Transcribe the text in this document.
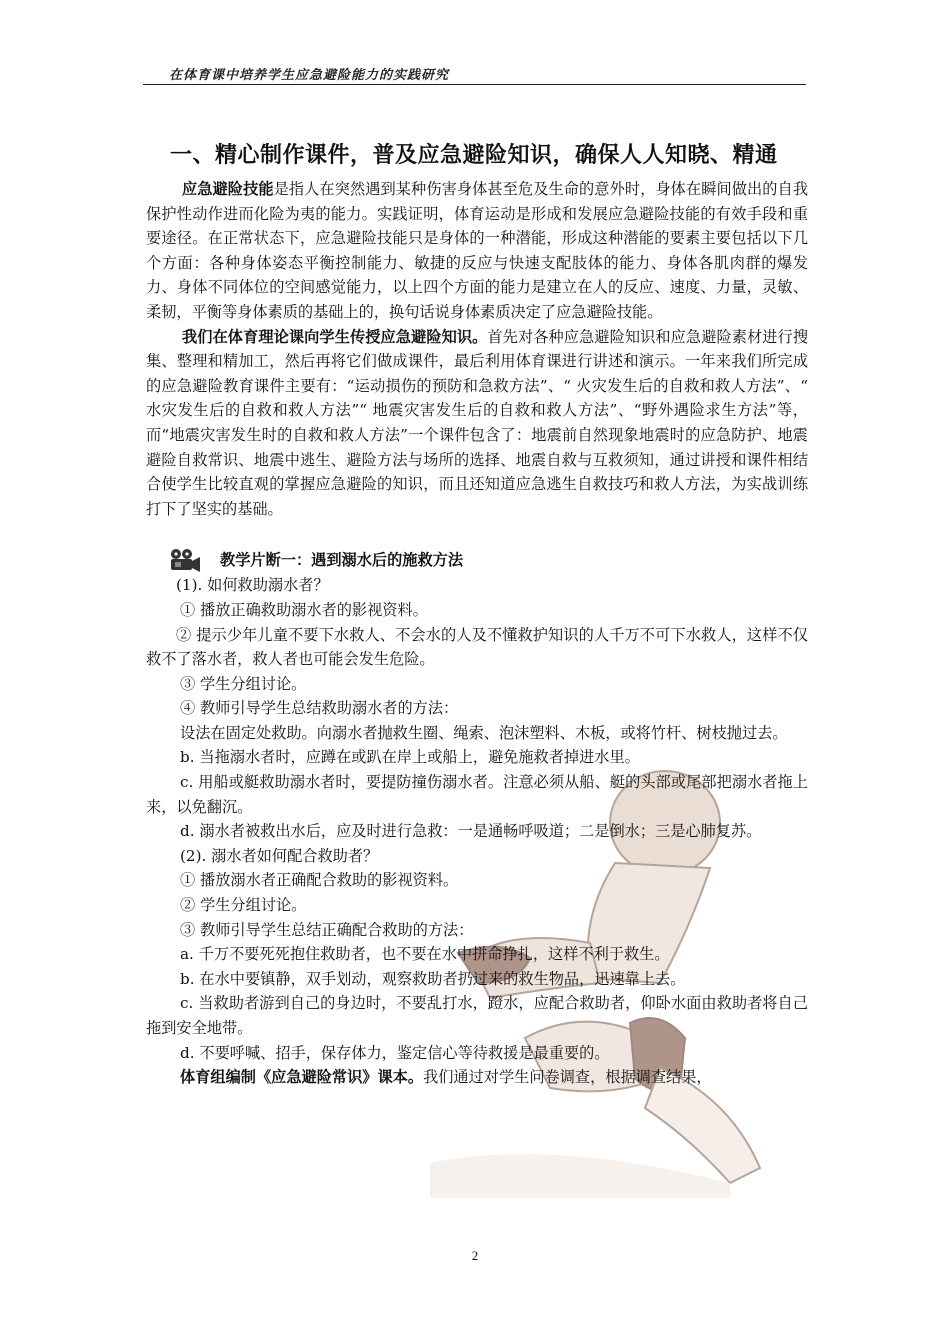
在体育课中培养学生应急避险能力的实践研究
一、精心制作课件，普及应急避险知识，确保人人知晓、精通

应急避险技能是指人在突然遇到某种伤害身体甚至危及生命的意外时，身体在瞬间做出的自我保护性动作进而化险为夷的能力。实践证明，体育运动是形成和发展应急避险技能的有效手段和重要途径。在正常状态下，应急避险技能只是身体的一种潜能，形成这种潜能的要素主要包括以下几个方面：各种身体姿态平衡控制能力、敏捷的反应与快速支配肢体的能力、身体各肌肉群的爆发力、身体不同体位的空间感觉能力，以上四个方面的能力是建立在人的反应、速度、力量，灵敏、柔韧，平衡等身体素质的基础上的，换句话说身体素质决定了应急避险技能。

我们在体育理论课向学生传授应急避险知识。首先对各种应急避险知识和应急避险素材进行搜集、整理和精加工，然后再将它们做成课件，最后利用体育课进行讲述和演示。一年来我们所完成的应急避险教育课件主要有：“运动损伤的预防和急救方法”、“ 火灾发生后的自救和救人方法”、“ 水灾发生后的自救和救人方法”“ 地震灾害发生后的自救和救人方法”、“野外遇险求生方法”等，而“地震灾害发生时的自救和救人方法”一个课件包含了：地震前自然现象地震时的应急防护、地震避险自救常识、地震中逃生、避险方法与场所的选择、地震自救与互救须知，通过讲授和课件相结合使学生比较直观的掌握应急避险的知识，而且还知道应急逃生自救技巧和救人方法，为实战训练打下了坚实的基础。

教学片断一：遇到溺水后的施救方法

(1). 如何救助溺水者？

① 播放正确救助溺水者的影视资料。

② 提示少年儿童不要下水救人、不会水的人及不懂救护知识的人千万不可下水救人，这样不仅救不了落水者，救人者也可能会发生危险。

③ 学生分组讨论。

④ 教师引导学生总结救助溺水者的方法：

设法在固定处救助。向溺水者抛救生圈、绳索、泡沫塑料、木板，或将竹杆、树枝抛过去。

b. 当拖溺水者时，应蹲在或趴在岸上或船上，避免施救者掉进水里。

c. 用船或艇救助溺水者时，要提防撞伤溺水者。注意必须从船、艇的头部或尾部把溺水者拖上来，以免翻沉。

d. 溺水者被救出水后，应及时进行急救：一是通畅呼吸道；二是倒水；三是心肺复苏。

(2). 溺水者如何配合救助者？

① 播放溺水者正确配合救助的影视资料。

② 学生分组讨论。

③ 教师引导学生总结正确配合救助的方法：

a. 千万不要死死抱住救助者，也不要在水中拼命挣扎，这样不利于救生。

b. 在水中要镇静，双手划动，观察救助者扔过来的救生物品，迅速靠上去。

c. 当救助者游到自己的身边时，不要乱打水，蹬水，应配合救助者，仰卧水面由救助者将自己拖到安全地带。

d. 不要呼喊、招手，保存体力，鉴定信心等待救援是最重要的。

体育组编制《应急避险常识》课本。我们通过对学生问卷调查，根据调查结果，

2
